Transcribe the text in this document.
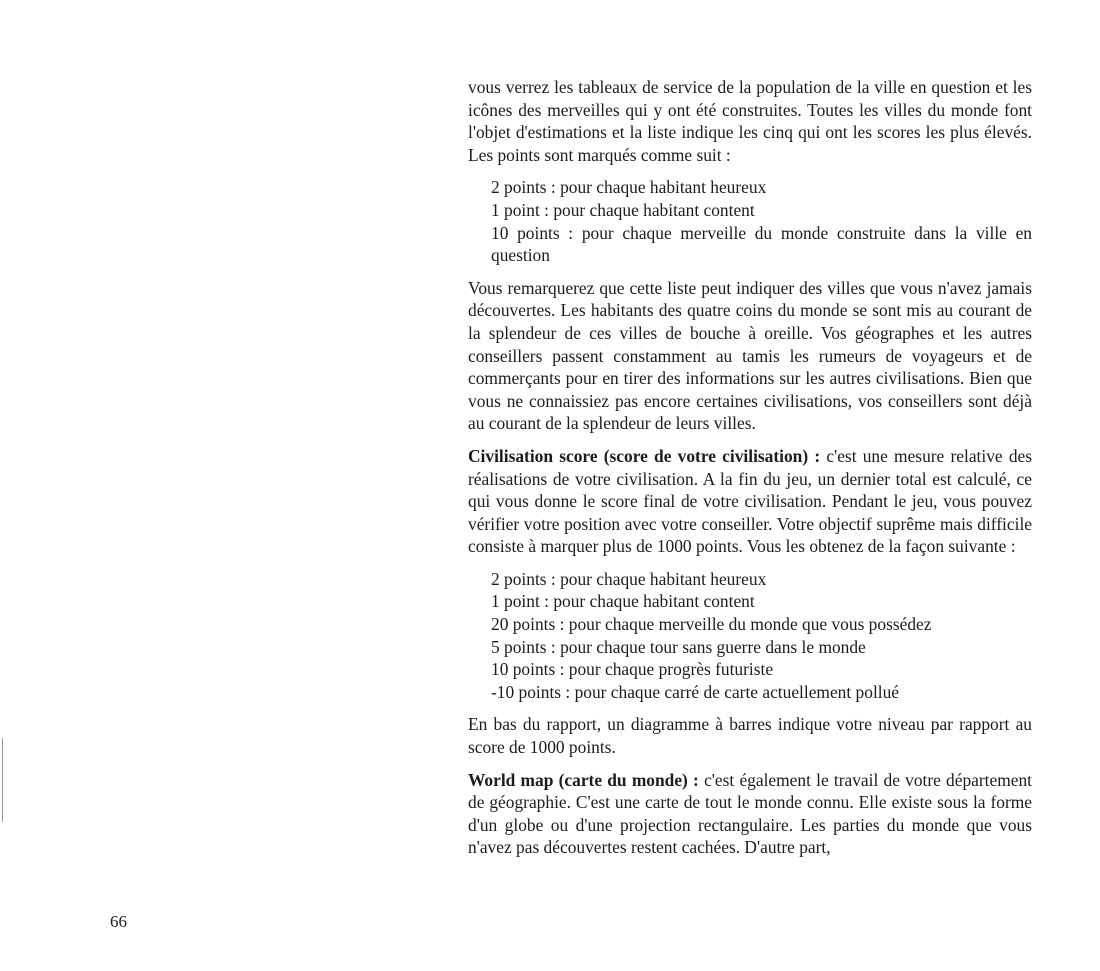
vous verrez les tableaux de service de la population de la ville en question et les icônes des merveilles qui y ont été construites. Toutes les villes du monde font l'objet d'estimations et la liste indique les cinq qui ont les scores les plus élevés. Les points sont marqués comme suit :

2 points : pour chaque habitant heureux
1 point : pour chaque habitant content
10 points : pour chaque merveille du monde construite dans la ville en question

Vous remarquerez que cette liste peut indiquer des villes que vous n'avez jamais découvertes. Les habitants des quatre coins du monde se sont mis au courant de la splendeur de ces villes de bouche à oreille. Vos géographes et les autres conseillers passent constamment au tamis les rumeurs de voyageurs et de commerçants pour en tirer des informations sur les autres civilisations. Bien que vous ne connaissiez pas encore certaines civilisations, vos conseillers sont déjà au courant de la splendeur de leurs villes.

Civilisation score (score de votre civilisation) : c'est une mesure relative des réalisations de votre civilisation. A la fin du jeu, un dernier total est calculé, ce qui vous donne le score final de votre civilisation. Pendant le jeu, vous pouvez vérifier votre position avec votre conseiller. Votre objectif suprême mais difficile consiste à marquer plus de 1000 points. Vous les obtenez de la façon suivante :

2 points : pour chaque habitant heureux
1 point : pour chaque habitant content
20 points : pour chaque merveille du monde que vous possédez
5 points : pour chaque tour sans guerre dans le monde
10 points : pour chaque progrès futuriste
-10 points : pour chaque carré de carte actuellement pollué

En bas du rapport, un diagramme à barres indique votre niveau par rapport au score de 1000 points.

World map (carte du monde) : c'est également le travail de votre département de géographie. C'est une carte de tout le monde connu. Elle existe sous la forme d'un globe ou d'une projection rectangulaire. Les parties du monde que vous n'avez pas découvertes restent cachées. D'autre part,

66
